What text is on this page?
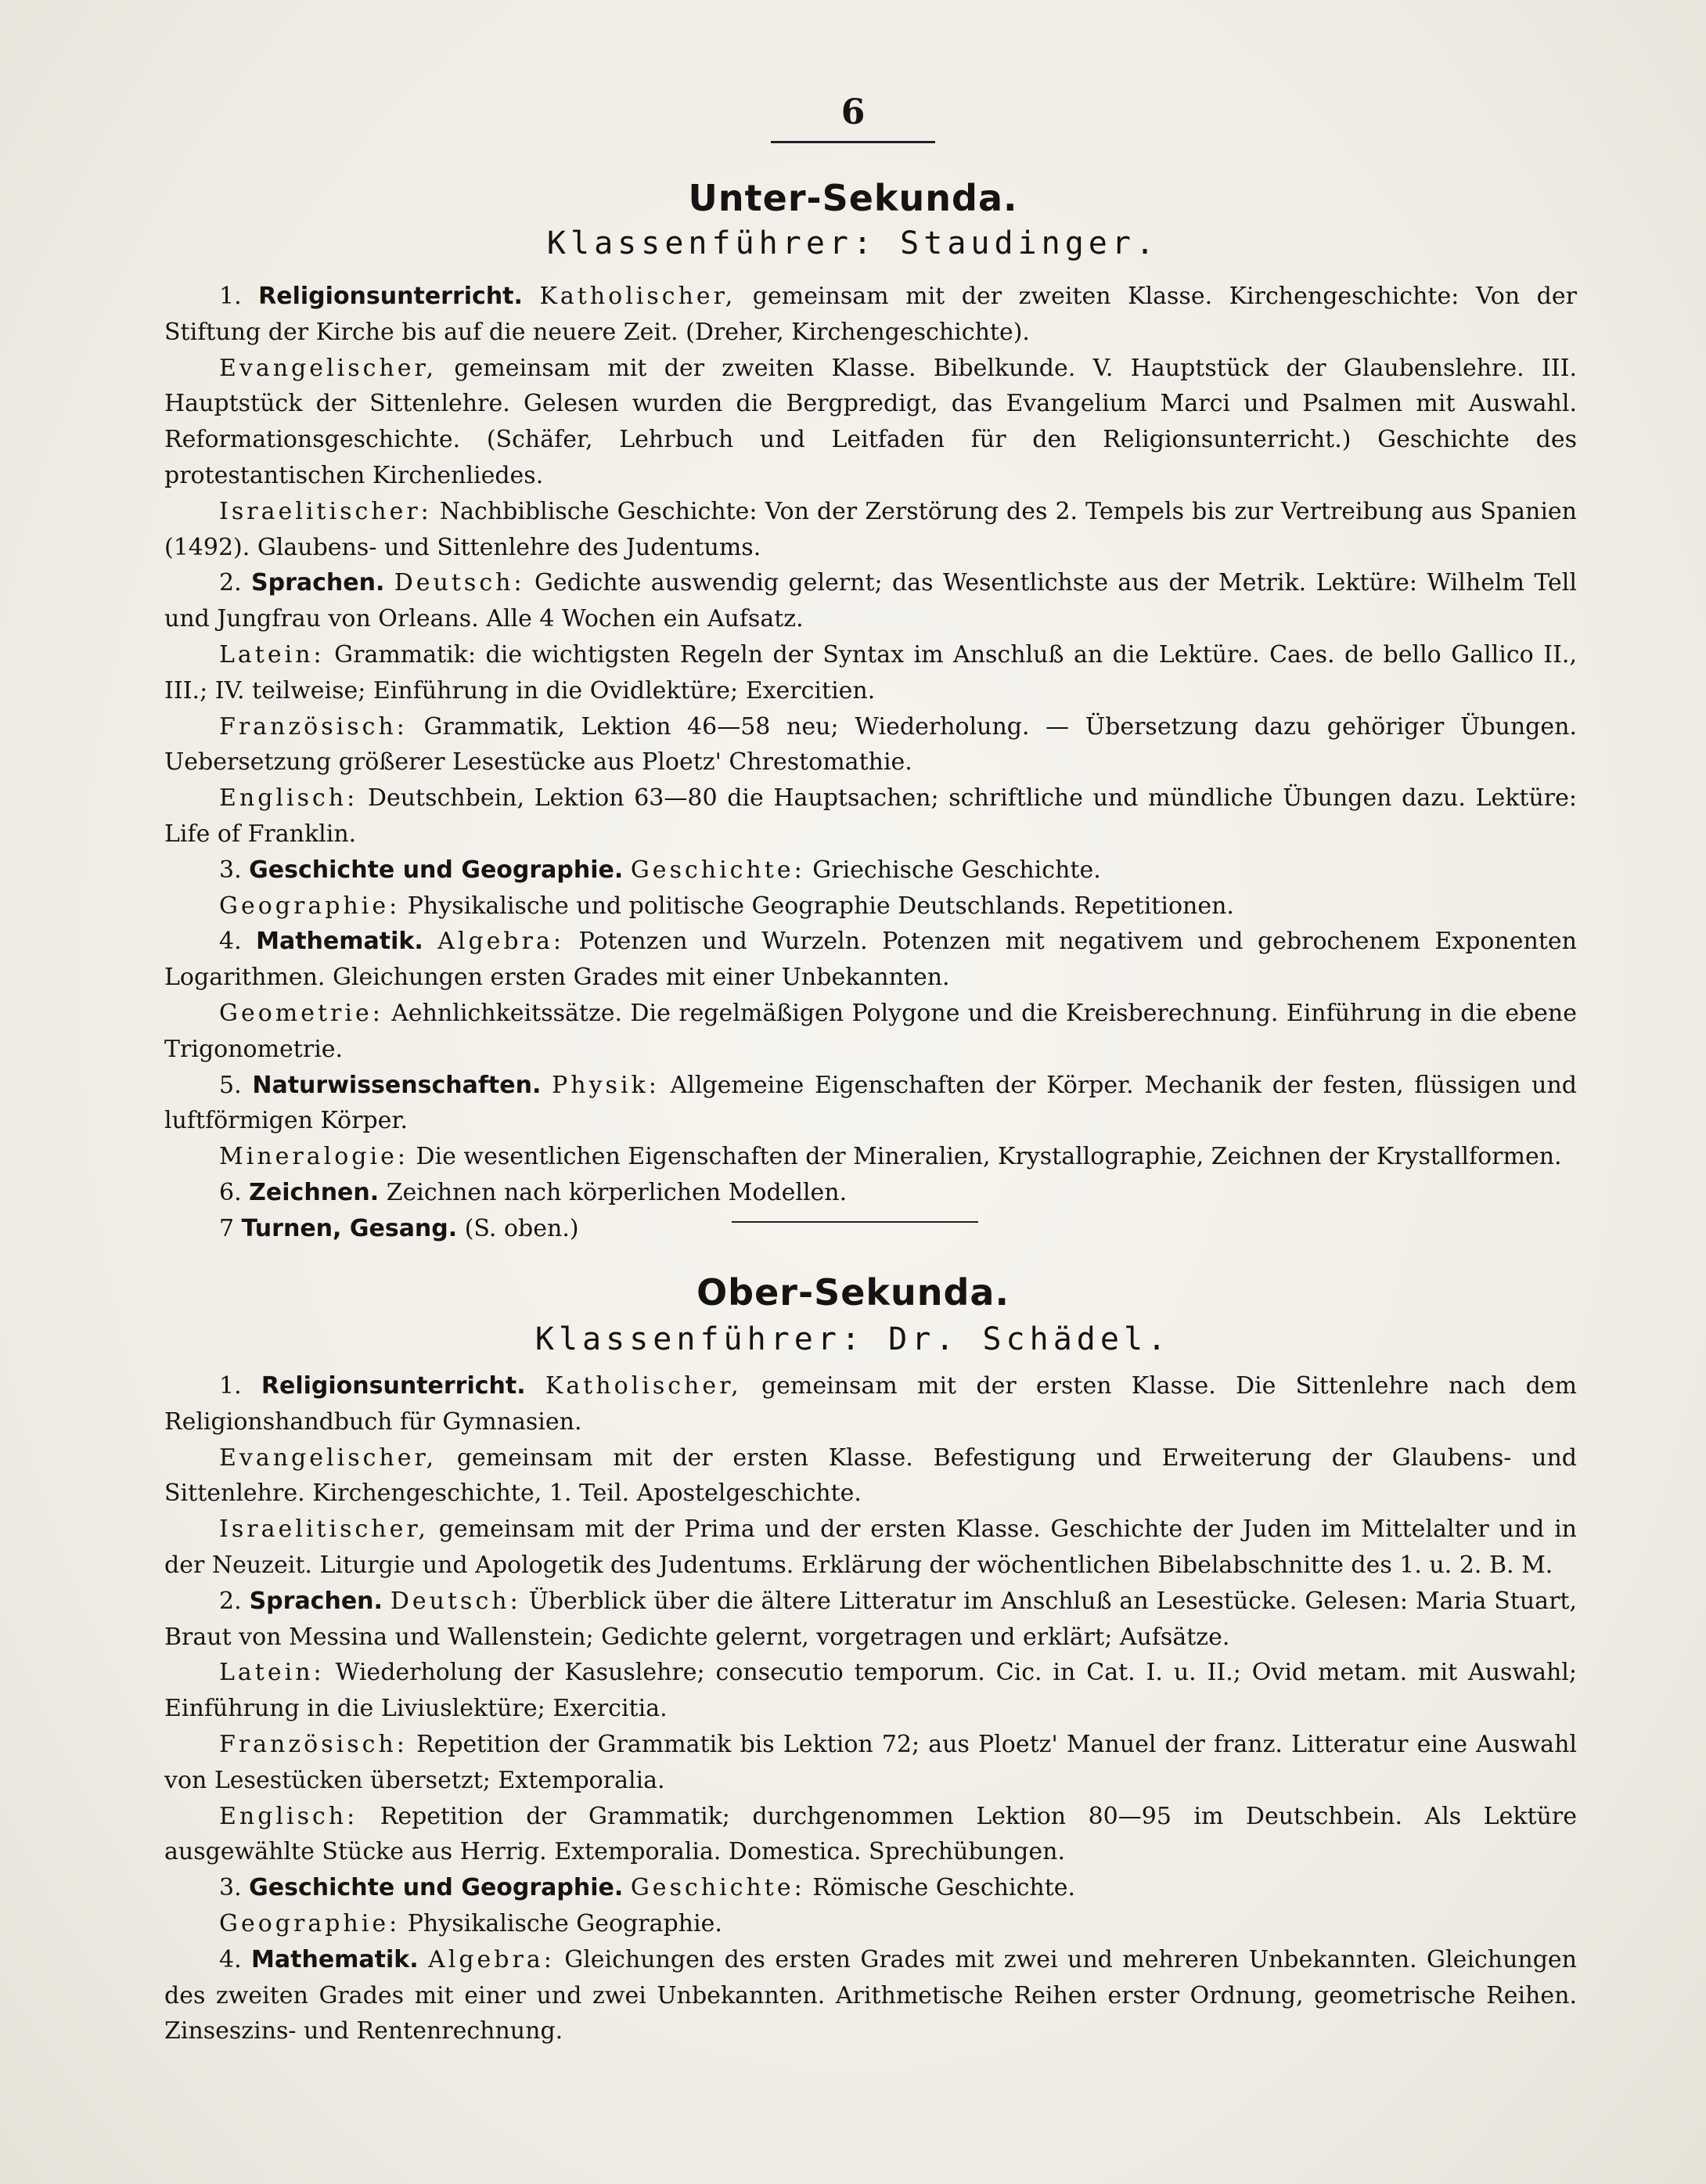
6
Unter-Sekunda.
Klassenführer: Staudinger.

1. Religionsunterricht. Katholischer, gemeinsam mit der zweiten Klasse. Kirchengeschichte: Von der Stiftung der Kirche bis auf die neuere Zeit. (Dreher, Kirchengeschichte).

Evangelischer, gemeinsam mit der zweiten Klasse. Bibelkunde. V. Hauptstück der Glaubenslehre. III. Hauptstück der Sittenlehre. Gelesen wurden die Bergpredigt, das Evangelium Marci und Psalmen mit Auswahl. Reformationsgeschichte. (Schäfer, Lehrbuch und Leitfaden für den Religionsunterricht.) Geschichte des protestantischen Kirchenliedes.

Israelitischer: Nachbiblische Geschichte: Von der Zerstörung des 2. Tempels bis zur Vertreibung aus Spanien (1492). Glaubens- und Sittenlehre des Judentums.

2. Sprachen. Deutsch: Gedichte auswendig gelernt; das Wesentlichste aus der Metrik. Lektüre: Wilhelm Tell und Jungfrau von Orleans. Alle 4 Wochen ein Aufsatz.

Latein: Grammatik: die wichtigsten Regeln der Syntax im Anschluß an die Lektüre. Caes. de bello Gallico II., III.; IV. teilweise; Einführung in die Ovidlektüre; Exercitien.

Französisch: Grammatik, Lektion 46—58 neu; Wiederholung. — Übersetzung dazu gehöriger Übungen. Uebersetzung größerer Lesestücke aus Ploetz' Chrestomathie.

Englisch: Deutschbein, Lektion 63—80 die Hauptsachen; schriftliche und mündliche Übungen dazu. Lektüre: Life of Franklin.

3. Geschichte und Geographie. Geschichte: Griechische Geschichte.

Geographie: Physikalische und politische Geographie Deutschlands. Repetitionen.

4. Mathematik. Algebra: Potenzen und Wurzeln. Potenzen mit negativem und gebrochenem Exponenten Logarithmen. Gleichungen ersten Grades mit einer Unbekannten.

Geometrie: Aehnlichkeitssätze. Die regelmäßigen Polygone und die Kreisberechnung. Einführung in die ebene Trigonometrie.

5. Naturwissenschaften. Physik: Allgemeine Eigenschaften der Körper. Mechanik der festen, flüssigen und luftförmigen Körper.

Mineralogie: Die wesentlichen Eigenschaften der Mineralien, Krystallographie, Zeichnen der Krystallformen.

6. Zeichnen. Zeichnen nach körperlichen Modellen.

7 Turnen, Gesang. (S. oben.)

Ober-Sekunda.
Klassenführer: Dr. Schädel.

1. Religionsunterricht. Katholischer, gemeinsam mit der ersten Klasse. Die Sittenlehre nach dem Religionshandbuch für Gymnasien.

Evangelischer, gemeinsam mit der ersten Klasse. Befestigung und Erweiterung der Glaubens- und Sittenlehre. Kirchengeschichte, 1. Teil. Apostelgeschichte.

Israelitischer, gemeinsam mit der Prima und der ersten Klasse. Geschichte der Juden im Mittelalter und in der Neuzeit. Liturgie und Apologetik des Judentums. Erklärung der wöchentlichen Bibelabschnitte des 1. u. 2. B. M.

2. Sprachen. Deutsch: Überblick über die ältere Litteratur im Anschluß an Lesestücke. Gelesen: Maria Stuart, Braut von Messina und Wallenstein; Gedichte gelernt, vorgetragen und erklärt; Aufsätze.

Latein: Wiederholung der Kasuslehre; consecutio temporum. Cic. in Cat. I. u. II.; Ovid metam. mit Auswahl; Einführung in die Liviuslektüre; Exercitia.

Französisch: Repetition der Grammatik bis Lektion 72; aus Ploetz' Manuel der franz. Litteratur eine Auswahl von Lesestücken übersetzt; Extemporalia.

Englisch: Repetition der Grammatik; durchgenommen Lektion 80—95 im Deutschbein. Als Lektüre ausgewählte Stücke aus Herrig. Extemporalia. Domestica. Sprechübungen.

3. Geschichte und Geographie. Geschichte: Römische Geschichte.

Geographie: Physikalische Geographie.

4. Mathematik. Algebra: Gleichungen des ersten Grades mit zwei und mehreren Unbekannten. Gleichungen des zweiten Grades mit einer und zwei Unbekannten. Arithmetische Reihen erster Ordnung, geometrische Reihen. Zinseszins- und Rentenrechnung.
